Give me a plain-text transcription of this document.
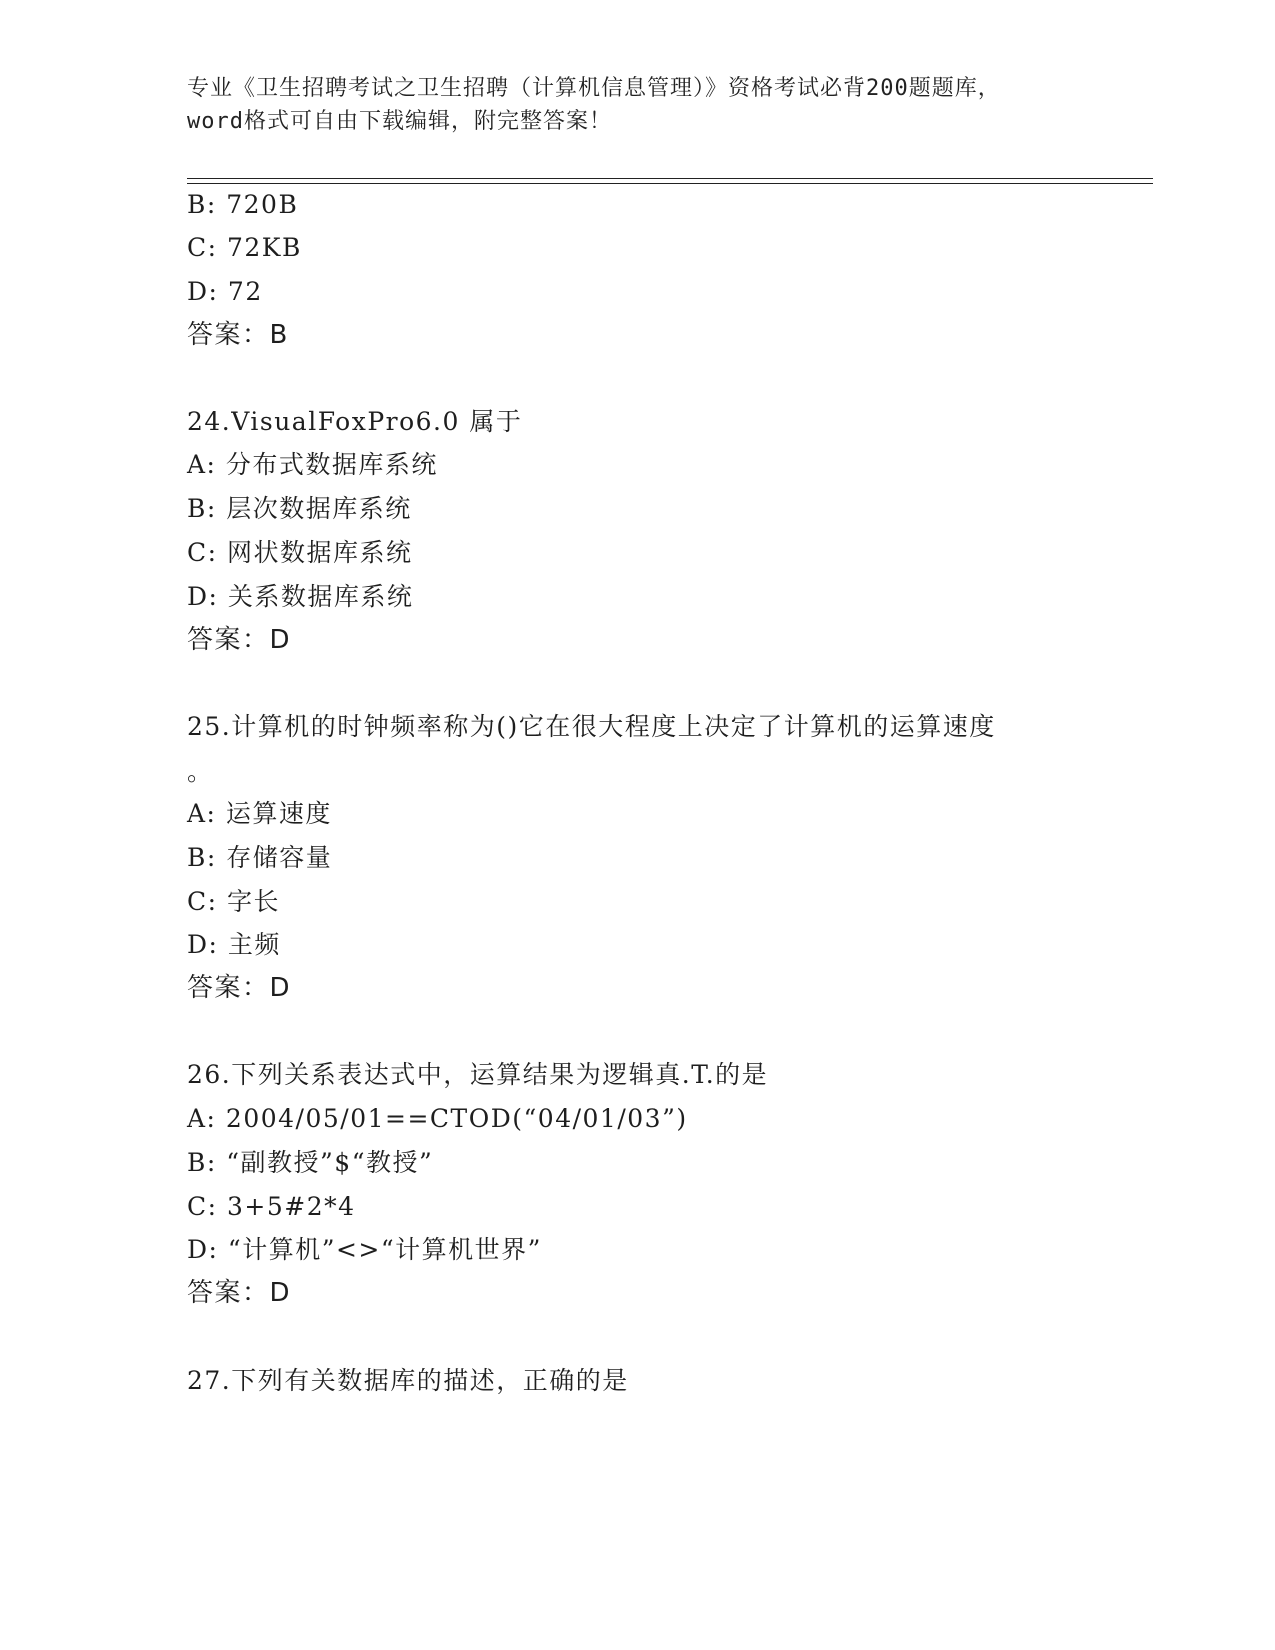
专业《卫生招聘考试之卫生招聘（计算机信息管理）》资格考试必背200题题库，
word格式可自由下载编辑，附完整答案！
B: 720B
C: 72KB
D: 72
答案：B
24.VisualFoxPro6.0 属于
A: 分布式数据库系统
B: 层次数据库系统
C: 网状数据库系统
D: 关系数据库系统
答案：D
25.计算机的时钟频率称为()它在很大程度上决定了计算机的运算速度
。
A: 运算速度
B: 存储容量
C: 字长
D: 主频
答案：D
26.下列关系表达式中，运算结果为逻辑真.T.的是
A: 2004/05/01==CTOD(“04/01/03”)
B: “副教授”$“教授”
C: 3+5#2*4
D: “计算机”<>“计算机世界”
答案：D
27.下列有关数据库的描述，正确的是
